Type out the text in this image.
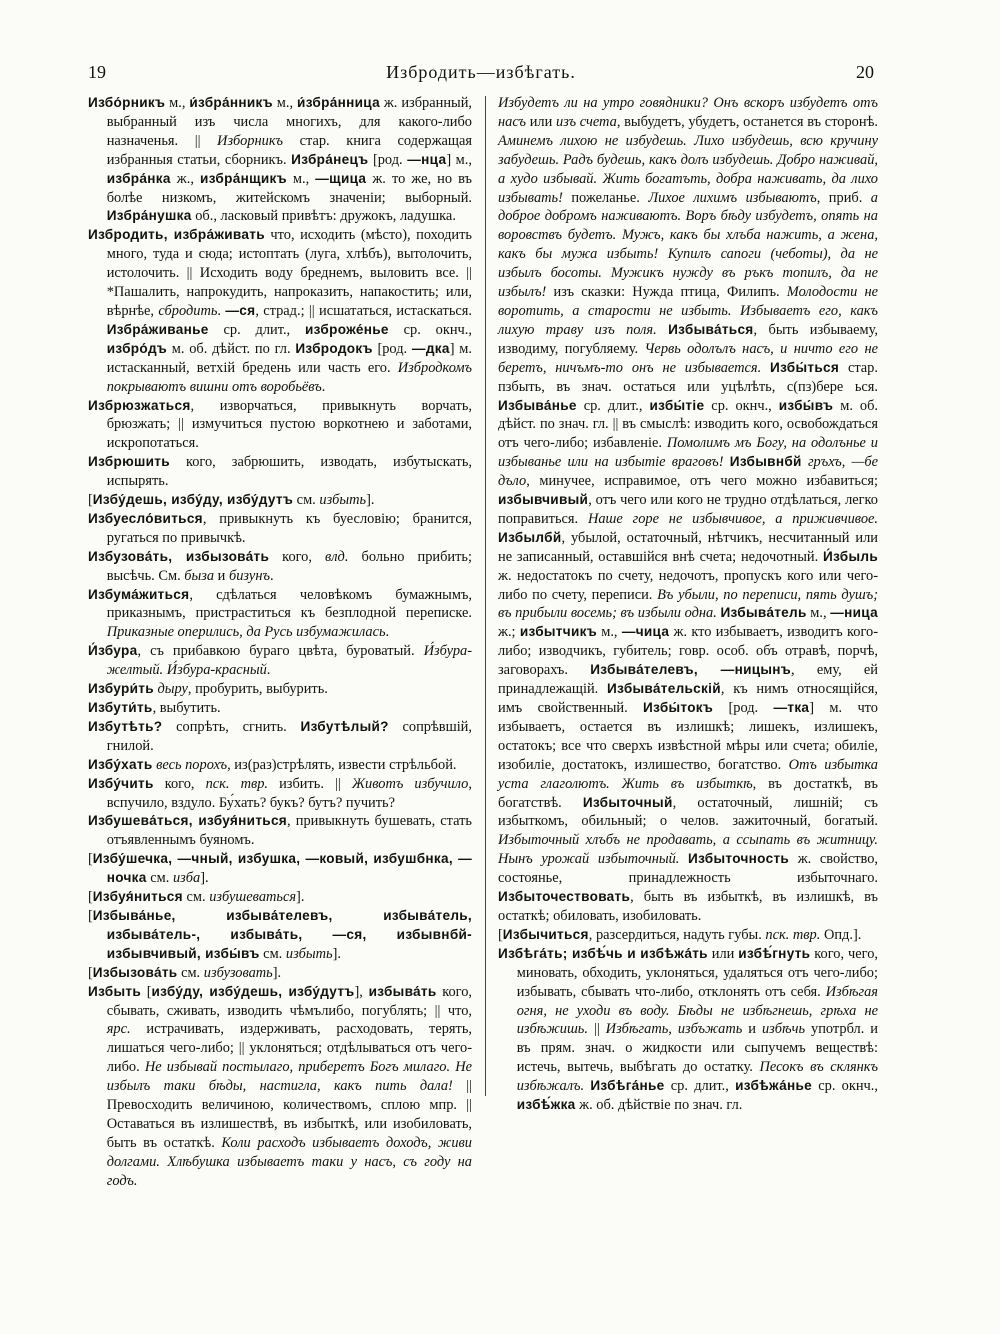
19	Избродить—избѣгать.	20

Избо́рникъ м., и́збра́нникъ м., и́збра́нница ж. избранный, выбранный изъ числа многихъ, для какого-либо назначенья. || Изборникъ стар. книга содержащая избранныя статьи, сборникъ. Избра́нецъ [род. —нца] м., избра́нка ж., избра́нщикъ м., —щица ж. то же, но въ болѣе низкомъ, житейскомъ значеніи; выборный. Избра́нушка об., ласковый привѣтъ: дружокъ, ладушка.

Избродить, избра́живать что, исходить (мѣсто), походить много, туда и сюда; истоптать (луга, хлѣбъ), вытолочить, истолочить. || Исходить воду бреднемъ, выловить все. || *Пашалить, напрокудить, напроказить, напакостить; или, вѣрнѣе, сбродить. —ся, страд.; || исшататься, истаскаться. Избра́живанье ср. длит., изброже́нье ср. окнч., избро́дъ м. об. дѣйст. по гл. Избродокъ [род. —дка] м. истасканный, ветхій бредень или часть его. Избродкомъ покрываютъ вишни отъ воробьёвъ.

Избрюзжаться, изворчаться, привыкнуть ворчать, брюзжать; || измучиться пустою воркотнею и заботами, искропотаться.

Избрюшить кого, забрюшить, изводать, избутыскать, испырять.

[Избу́дешь, избу́ду, избу́дутъ см. избыть].

Избуесло́виться, привыкнуть къ буесловію; бранится, ругаться по привычкѣ.

Избузова́ть, избызова́ть кого, влд. больно прибить; высѣчь. См. быза и бизунъ.

Избума́житься, сдѣлаться человѣкомъ бумажнымъ, приказнымъ, пристраститься къ безплодной переписке. Приказные оперились, да Русь избумажилась.

И́збура, съ прибавкою бураго цвѣта, буроватый. И́збура-желтый. И́збура-красный.

Избури́ть дыру, пробурить, выбурить.

Избути́ть, выбутить.

Избутѣть? сопрѣть, сгнить. Избутѣлый? сопрѣвшій, гнилой.

Избу́хать весь порохъ, из(раз)стрѣлять, извести стрѣльбой.

Избу́чить кого, пск. твр. избить. || Животъ избучило, вспучило, вздуло. Бу́хать? букъ? бутъ? пучить?

Избушева́ться, избуя́ниться, привыкнуть бушевать, стать отъявленнымъ буяномъ.

[Избу́шечка, —чный, избушка, —ковый, избушбнка, —ночка см. изба].

[Избуя́ниться см. избушеваться].

[Избыва́нье, избыва́телевъ, избыва́тель, избыва́тель-, избыва́ть, —ся, избывнбй-избывчивый, избы́въ см. избыть].

[Избызова́ть см. избузовать].

Избыть [избу́ду, избу́дешь, избу́дутъ], избыва́ть кого, сбывать, сживать, изводить чѣмълибо, погублять; || что, ярс. истрачивать, издерживать, расходовать, терять, лишаться чего-либо; || уклоняться; отдѣлываться отъ чего-либо. Не избывай постылаго, приберетъ Богъ милаго. Не избылъ таки бѣды, настигла, какъ пить дала! || Превосходить величиною, количествомъ, сплою мпр. || Оставаться въ излишествѣ, въ избыткѣ, или изобиловать, быть въ остаткѣ. Коли расходъ избываетъ доходъ, живи долгами. Хлѣбушка избываетъ таки у насъ, съ году на годъ.

Избудетъ ли на утро говядники? Онъ вскоръ избудетъ отъ насъ или изъ счета, выбудетъ, убудетъ, останется въ сторонѣ. Аминемъ лихою не избудешь. Лихо избудешь, всю кручину забудешь. Радъ будешь, какъ долъ избудешь. Добро наживай, а худо избывай. Жить богатъть, добра наживать, да лихо избывать! пожеланье. Лихое лихимъ избываютъ, приб. а доброе добромъ наживаютъ. Воръ бѣду избудетъ, опять на воровствъ будетъ. Мужъ, какъ бы хлъба нажить, а жена, какъ бы мужа избыть! Купилъ сапоги (чеботы), да не избылъ босоты. Мужикъ нужду въ ръкъ топилъ, да не избылъ! изъ сказки: Нужда птица, Филипъ. Молодости не воротить, а старости не избыть. Избываетъ его, какъ лихую траву изъ поля. Избыва́ться, быть избываему, изводиму, погубляему. Червь одолълъ насъ, и ничто его не беретъ, ничъмъ-то онъ не избывается. Избы́ться стар. пзбыть, въ знач. остаться или уцѣлѣть, с(пз)бере ься. Избыва́нье ср. длит., избы́тіе ср. окнч., избы́въ м. об. дѣйст. по знач. гл. || въ смыслѣ: изводить кого, освобождаться отъ чего-либо; избавленіе. Помолимъ мъ Богу, на одолънье и избыванье или на избытіе враговъ! Избывнбй гръхъ, —бе дъло, минучее, исправимое, отъ чего можно избавиться; избывчивый, отъ чего или кого не трудно отдѣлаться, легко поправиться. Наше горе не избывчивое, а приживчивое. Избылбй, убылой, остаточный, нѣтчикъ, несчитанный или не записанный, оставшійся внѣ счета; недочотный. И́збыль ж. недостатокъ по счету, недочотъ, пропускъ кого или чего-либо по счету, переписи. Въ убыли, по переписи, пять душъ; въ прибыли восемь; въ избыли одна. Избыва́тель м., —ница ж.; избытчикъ м., —чица ж. кто избываетъ, изводитъ кого-либо; изводчикъ, губитель; говр. особ. объ отравѣ, порчѣ, заговорахъ. Избыва́телевъ, —ницынъ, ему, ей принадлежащій. Избыва́тельскій, къ нимъ относящійся, имъ свойственный. Избы́токъ [род. —тка] м. что избываетъ, остается въ излишкѣ; лишекъ, излишекъ, остатокъ; все что сверхъ извѣстной мѣры или счета; обиліе, изобиліе, достатокъ, излишество, богатство. Отъ избытка уста глаголютъ. Жить въ избыткѣ, въ достаткѣ, въ богатствѣ. Избыточный, остаточный, лишній; съ избыткомъ, обильный; о челов. зажиточный, богатый. Избыточный хлъбъ не продавать, а ссыпать въ житницу. Нынъ урожай избыточный. Избыточность ж. свойство, состоянье, принадлежность избыточнаго. Избыточествовать, быть въ избыткѣ, въ излишкѣ, въ остаткѣ; обиловать, изобиловать.

[Избычиться, разсердиться, надуть губы. пск. твр. Опд.].

Избѣга́ть; избѣ́чь и избѣжа́ть или избѣ́гнуть кого, чего, миновать, обходить, уклоняться, удаляться отъ чего-либо; избывать, сбывать что-либо, отклонять отъ себя. Избѣгая огня, не уходи въ воду. Бѣды не избѣгнешь, грѣха не избѣжишь. || Избѣгать, избъжать и избѣчь употрбл. и въ прям. знач. о жидкости или сыпучемъ веществѣ: истечь, вытечь, выбѣгать до остатку. Песокъ въ склянкъ избѣжалъ. Избѣга́нье ср. длит., избѣжа́нье ср. окнч., избѣ́жка ж. об. дѣйствіе по знач. гл.
